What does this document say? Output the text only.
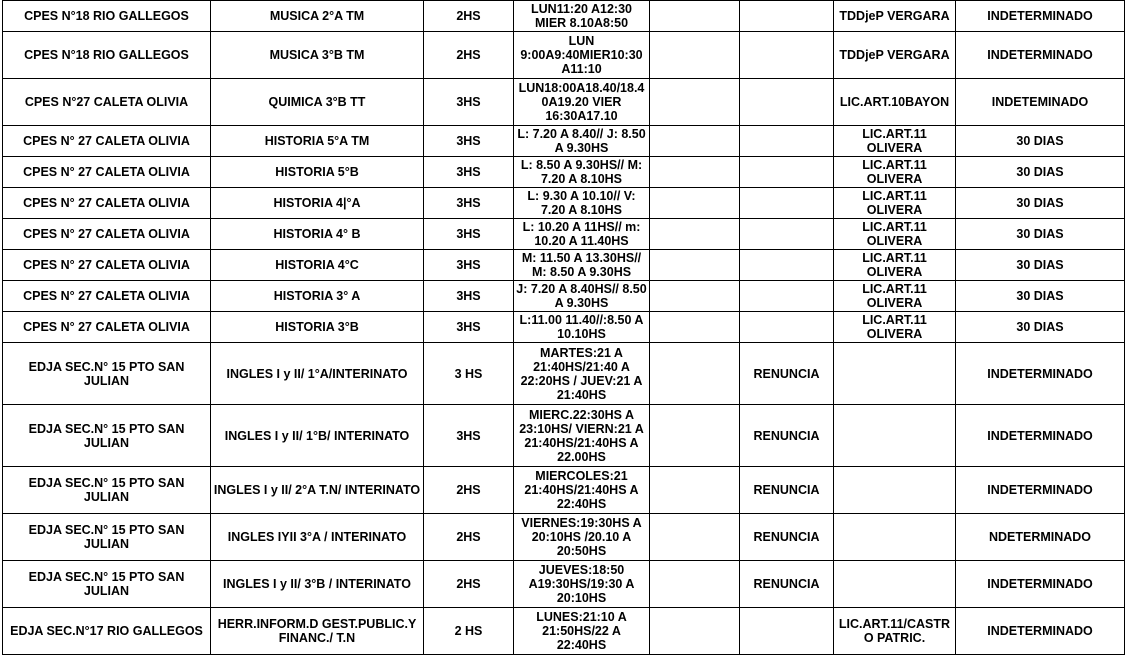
CPES N°18 RIO GALLEGOS	MUSICA 2°A TM	2HS	LUN11:20 A12:30 MIER 8.10A8:50			TDDjeP VERGARA	INDETERMINADO
CPES N°18 RIO GALLEGOS	MUSICA 3°B TM	2HS	LUN 9:00A9:40MIER10:30 A11:10			TDDjeP VERGARA	INDETERMINADO
CPES N°27 CALETA OLIVIA	QUIMICA 3°B TT	3HS	LUN18:00A18.40/18.40A19.20 VIER 16:30A17.10			LIC.ART.10BAYON	INDETEMINADO
CPES N° 27 CALETA OLIVIA	HISTORIA 5°A TM	3HS	L: 7.20 A 8.40// J: 8.50 A 9.30HS			LIC.ART.11 OLIVERA	30 DIAS
CPES N° 27 CALETA OLIVIA	HISTORIA 5°B	3HS	L: 8.50 A 9.30HS// M: 7.20 A 8.10HS			LIC.ART.11 OLIVERA	30 DIAS
CPES N° 27 CALETA OLIVIA	HISTORIA 4|°A	3HS	L: 9.30 A 10.10// V: 7.20 A 8.10HS			LIC.ART.11 OLIVERA	30 DIAS
CPES N° 27 CALETA OLIVIA	HISTORIA 4° B	3HS	L: 10.20 A 11HS// m: 10.20 A 11.40HS			LIC.ART.11 OLIVERA	30 DIAS
CPES N° 27 CALETA OLIVIA	HISTORIA 4°C	3HS	M: 11.50 A 13.30HS// M: 8.50 A 9.30HS			LIC.ART.11 OLIVERA	30 DIAS
CPES N° 27 CALETA OLIVIA	HISTORIA 3° A	3HS	J: 7.20 A 8.40HS// 8.50 A 9.30HS			LIC.ART.11 OLIVERA	30 DIAS
CPES N° 27 CALETA OLIVIA	HISTORIA 3°B	3HS	L:11.00 11.40//:8.50 A 10.10HS			LIC.ART.11 OLIVERA	30 DIAS
EDJA SEC.N° 15 PTO SAN JULIAN	INGLES I y II/ 1°A/INTERINATO	3 HS	MARTES:21 A 21:40HS/21:40 A 22:20HS / JUEV:21 A 21:40HS		RENUNCIA		INDETERMINADO
EDJA SEC.N° 15 PTO SAN JULIAN	INGLES I y II/ 1°B/ INTERINATO	3HS	MIERC.22:30HS A 23:10HS/ VIERN:21 A 21:40HS/21:40HS A 22.00HS		RENUNCIA		INDETERMINADO
EDJA SEC.N° 15 PTO SAN JULIAN	INGLES I y II/ 2°A T.N/ INTERINATO	2HS	MIERCOLES:21 21:40HS/21:40HS A 22:40HS		RENUNCIA		INDETERMINADO
EDJA SEC.N° 15 PTO SAN JULIAN	INGLES IYII 3°A / INTERINATO	2HS	VIERNES:19:30HS A 20:10HS /20.10 A 20:50HS		RENUNCIA		NDETERMINADO
EDJA SEC.N° 15 PTO SAN JULIAN	INGLES I y II/ 3°B / INTERINATO	2HS	JUEVES:18:50 A19:30HS/19:30 A 20:10HS		RENUNCIA		INDETERMINADO
EDJA SEC.N°17 RIO GALLEGOS	HERR.INFORM.D GEST.PUBLIC.Y FINANC./ T.N	2 HS	LUNES:21:10 A 21:50HS/22 A 22:40HS			LIC.ART.11/CASTRO PATRIC.	INDETERMINADO
